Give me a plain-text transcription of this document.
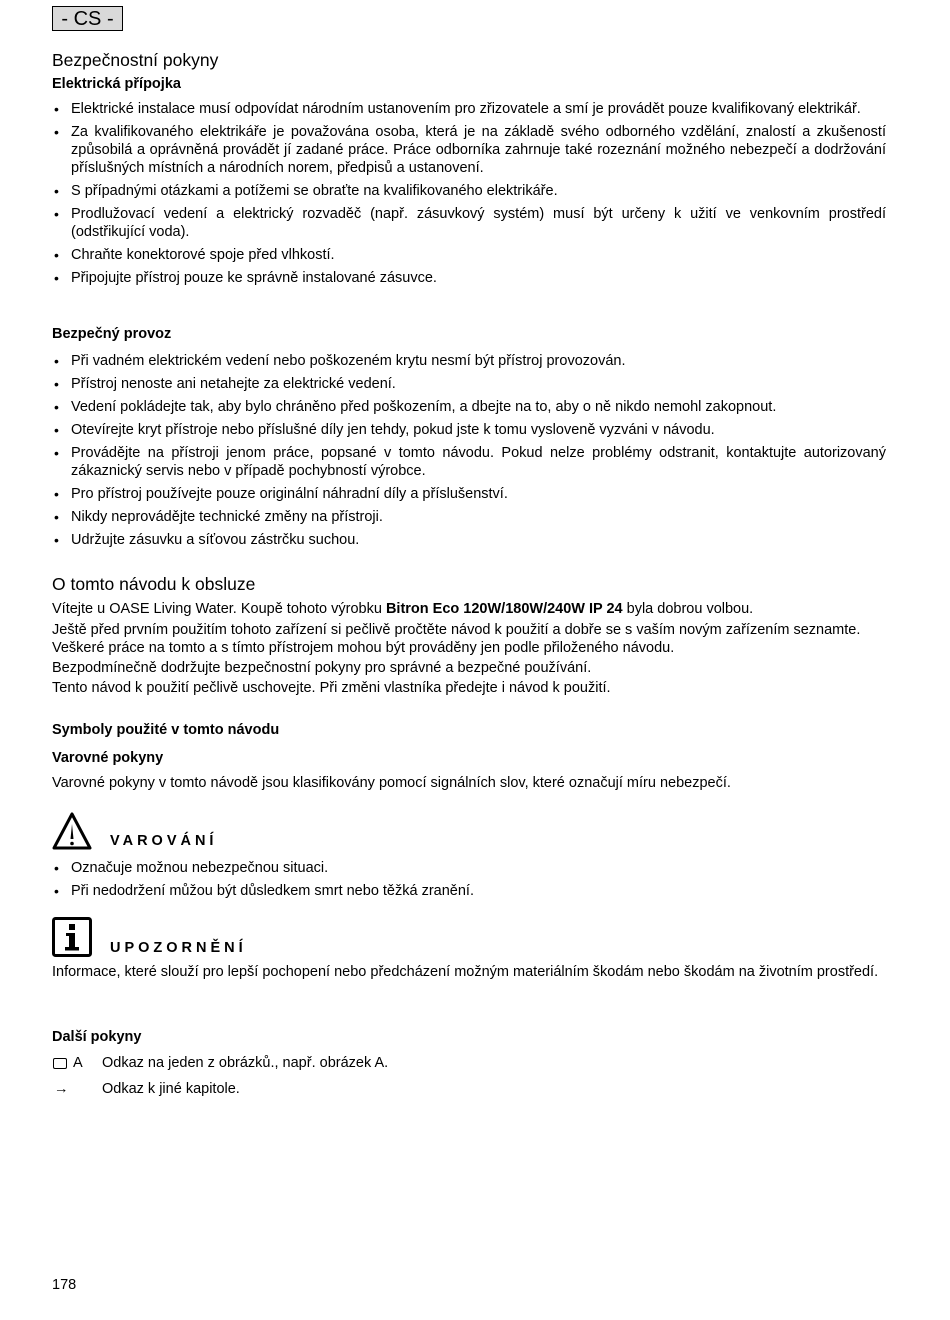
- CS -
Bezpečnostní pokyny
Elektrická přípojka
• Elektrické instalace musí odpovídat národním ustanovením pro zřizovatele a smí je provádět pouze kvalifikovaný elektrikář.
• Za kvalifikovaného elektrikáře je považována osoba, která je na základě svého odborného vzdělání, znalostí a zkušeností způsobilá a oprávněná provádět jí zadané práce. Práce odborníka zahrnuje také rozeznání možného nebezpečí a dodržování příslušných místních a národních norem, předpisů a ustanovení.
• S případnými otázkami a potížemi se obraťte na kvalifikovaného elektrikáře.
• Prodlužovací vedení a elektrický rozvaděč (např. zásuvkový systém) musí být určeny k užití ve venkovním prostředí (odstřikující voda).
• Chraňte konektorové spoje před vlhkostí.
• Připojujte přístroj pouze ke správně instalované zásuvce.
Bezpečný provoz
• Při vadném elektrickém vedení nebo poškozeném krytu nesmí být přístroj provozován.
• Přístroj nenoste ani netahejte za elektrické vedení.
• Vedení pokládejte tak, aby bylo chráněno před poškozením, a dbejte na to, aby o ně nikdo nemohl zakopnout.
• Otevírejte kryt přístroje nebo příslušné díly jen tehdy, pokud jste k tomu vysloveně vyzváni v návodu.
• Provádějte na přístroji jenom práce, popsané v tomto návodu. Pokud nelze problémy odstranit, kontaktujte autorizovaný zákaznický servis nebo v případě pochybností výrobce.
• Pro přístroj používejte pouze originální náhradní díly a příslušenství.
• Nikdy neprovádějte technické změny na přístroji.
• Udržujte zásuvku a síťovou zástrčku suchou.
O tomto návodu k obsluze

Vítejte u OASE Living Water. Koupě tohoto výrobku Bitron Eco 120W/180W/240W IP 24 byla dobrou volbou.

Ještě před prvním použitím tohoto zařízení si pečlivě pročtěte návod k použití a dobře se s vaším novým zařízením seznamte. Veškeré práce na tomto a s tímto přístrojem mohou být prováděny jen podle přiloženého návodu.

Bezpodmínečně dodržujte bezpečnostní pokyny pro správné a bezpečné používání.

Tento návod k použití pečlivě uschovejte. Při změni vlastníka předejte i návod k použití.

Symboly použité v tomto návodu
Varovné pokyny
Varovné pokyny v tomto návodě jsou klasifikovány pomocí signálních slov, které označují míru nebezpečí.
VAROVÁNÍ
• Označuje možnou nebezpečnou situaci.
• Při nedodržení můžou být důsledkem smrt nebo těžká zranění.
UPOZORNĚNÍ
Informace, které slouží pro lepší pochopení nebo předcházení možným materiálním škodám nebo škodám na životním prostředí.
Další pokyny
A Odkaz na jeden z obrázků., např. obrázek A.
→ Odkaz k jiné kapitole.
178
